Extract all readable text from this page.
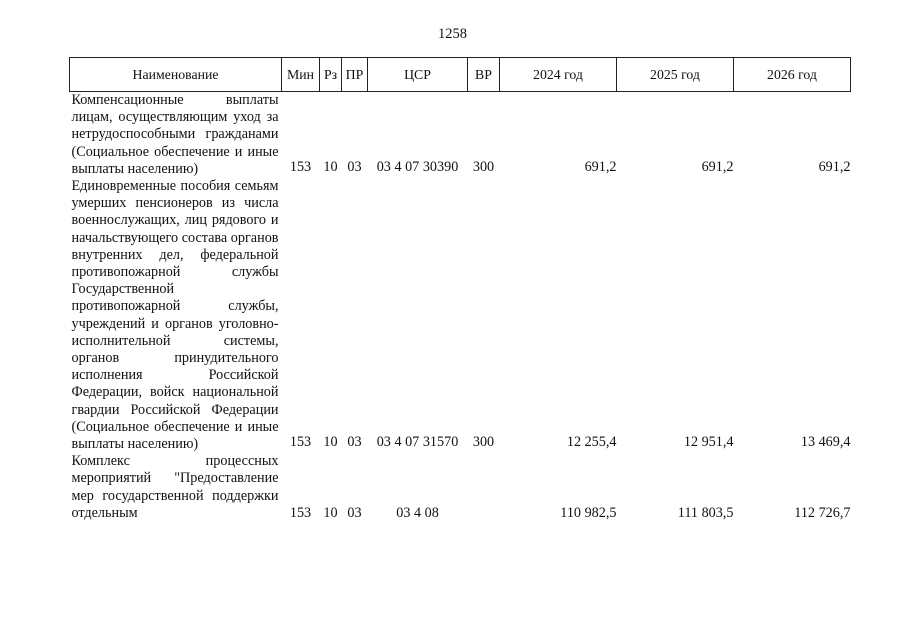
1258
Наименование	Мин	Рз	ПР	ЦСР	ВР	2024 год	2025 год	2026 год

Компенсационные выплаты лицам, осуществляющим уход за нетрудоспособными гражданами (Социальное обеспечение и иные выплаты населению)	153	10	03	03 4 07 30390	300	691,2	691,2	691,2

Единовременные пособия семьям умерших пенсионеров из числа военнослужащих, лиц рядового и начальствующего состава органов внутренних дел, федеральной противопожарной службы Государственной противопожарной службы, учреждений и органов уголовно-исполнительной системы, органов принудительного исполнения Российской Федерации, войск национальной гвардии Российской Федерации (Социальное обеспечение и иные выплаты населению)	153	10	03	03 4 07 31570	300	12 255,4	12 951,4	13 469,4

Комплекс процессных мероприятий "Предоставление мер государственной поддержки отдельным	153	10	03	03 4 08		110 982,5	111 803,5	112 726,7
